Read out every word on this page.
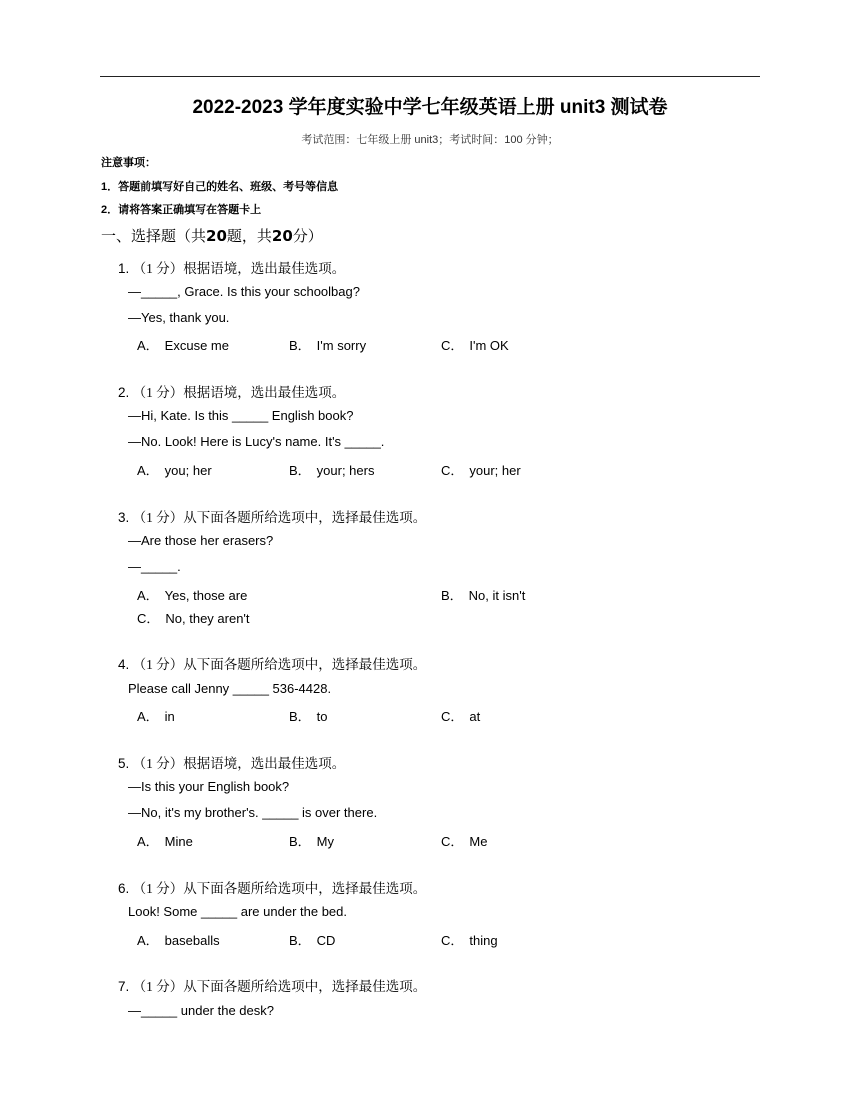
2022-2023 学年度实验中学七年级英语上册 unit3 测试卷
考试范围：七年级上册 unit3；考试时间：100 分钟；
注意事项：
1．答题前填写好自己的姓名、班级、考号等信息
2．请将答案正确填写在答题卡上
一、选择题（共20题，共20分）
1. （1 分）根据语境，选出最佳选项。
—_____, Grace. Is this your schoolbag?
—Yes, thank you.
A． Excuse me	B． I'm sorry	C． I'm OK
2. （1 分）根据语境，选出最佳选项。
—Hi, Kate. Is this _____ English book?
—No. Look! Here is Lucy's name. It's _____.
A． you; her	B． your; hers	C． your; her
3. （1 分）从下面各题所给选项中，选择最佳选项。
—Are those her erasers?
—_____.
A． Yes, those are	B． No, it isn't
C． No, they aren't
4. （1 分）从下面各题所给选项中，选择最佳选项。
Please call Jenny _____ 536-4428.
A． in	B． to	C． at
5. （1 分）根据语境，选出最佳选项。
—Is this your English book?
—No, it's my brother's. _____ is over there.
A． Mine	B． My	C． Me
6. （1 分）从下面各题所给选项中，选择最佳选项。
Look! Some _____ are under the bed.
A． baseballs	B． CD	C． thing
7. （1 分）从下面各题所给选项中，选择最佳选项。
—_____ under the desk?
